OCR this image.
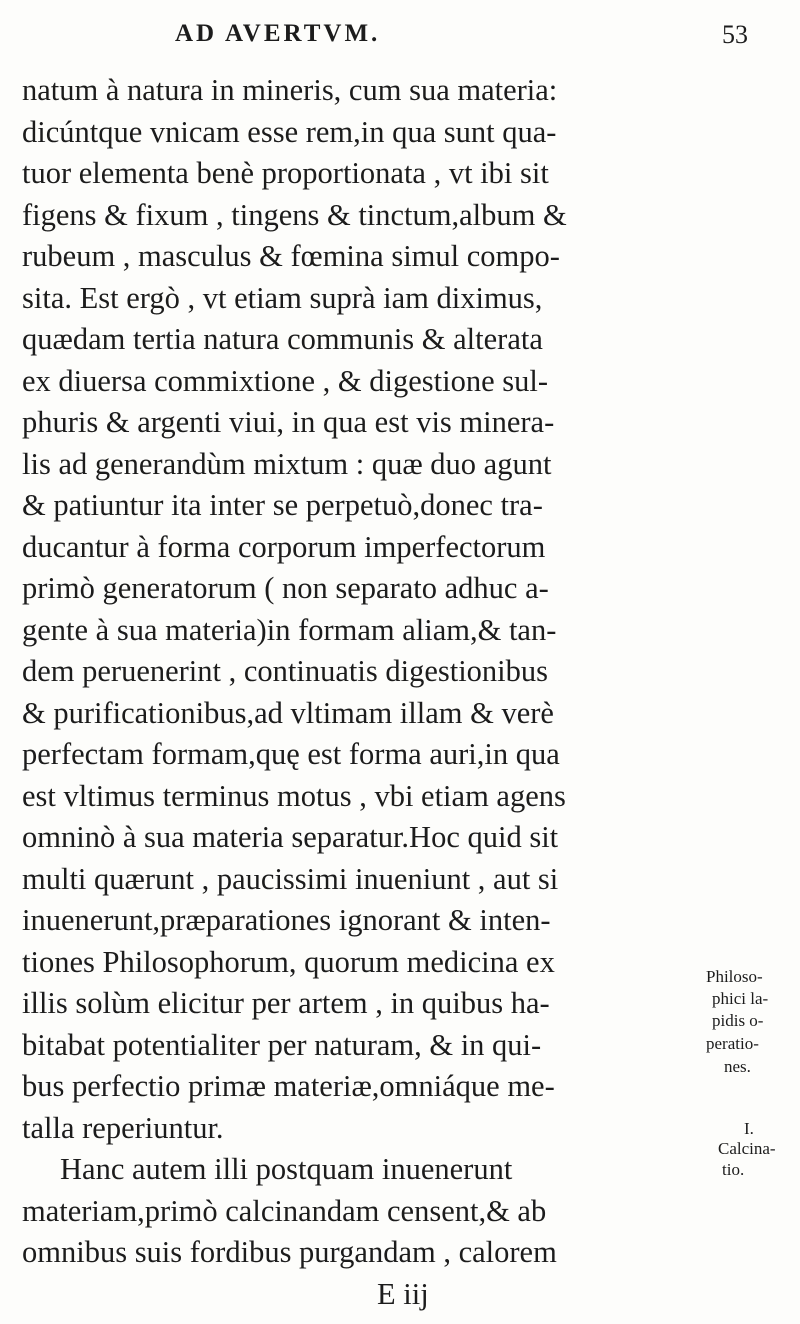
AD AVERTVM.	53
natum à natura in mineris, cum sua materia:
dicúntque vnicam esse rem,in qua sunt qua-
tuor elementa benè proportionata , vt ibi sit
figens & fixum , tingens & tinctum,album &
rubeum , masculus & fœmina simul compo-
sita. Est ergò , vt etiam suprà iam diximus,
quædam tertia natura communis & alterata
ex diuersa commixtione , & digestione sul-
phuris & argenti viui, in qua est vis minera-
lis ad generandùm mixtum : quæ duo agunt
& patiuntur ita inter se perpetuò,donec tra-
ducantur à forma corporum imperfectorum
primò generatorum ( non separato adhuc a-
gente à sua materia)in formam aliam,& tan-
dem peruenerint , continuatis digestionibus
& purificationibus,ad vltimam illam & verè
perfectam formam,quę est forma auri,in qua
est vltimus terminus motus , vbi etiam agens
omninò à sua materia separatur.Hoc quid sit
multi quærunt , paucissimi inueniunt , aut si
inuenerunt,præparationes ignorant & inten-
tiones Philosophorum, quorum medicina ex
illis solùm elicitur per artem , in quibus ha-
bitabat potentialiter per naturam, & in qui-
bus perfectio primæ materiæ,omniáque me-
talla reperiuntur.
Hanc autem illi postquam inuenerunt
materiam,primò calcinandam censent,& ab
omnibus suis fordibus purgandam , calorem
E iij
Philoso-
phici la-
pidis o-
peratio-
nes.
I.
Calcina-
tio.
